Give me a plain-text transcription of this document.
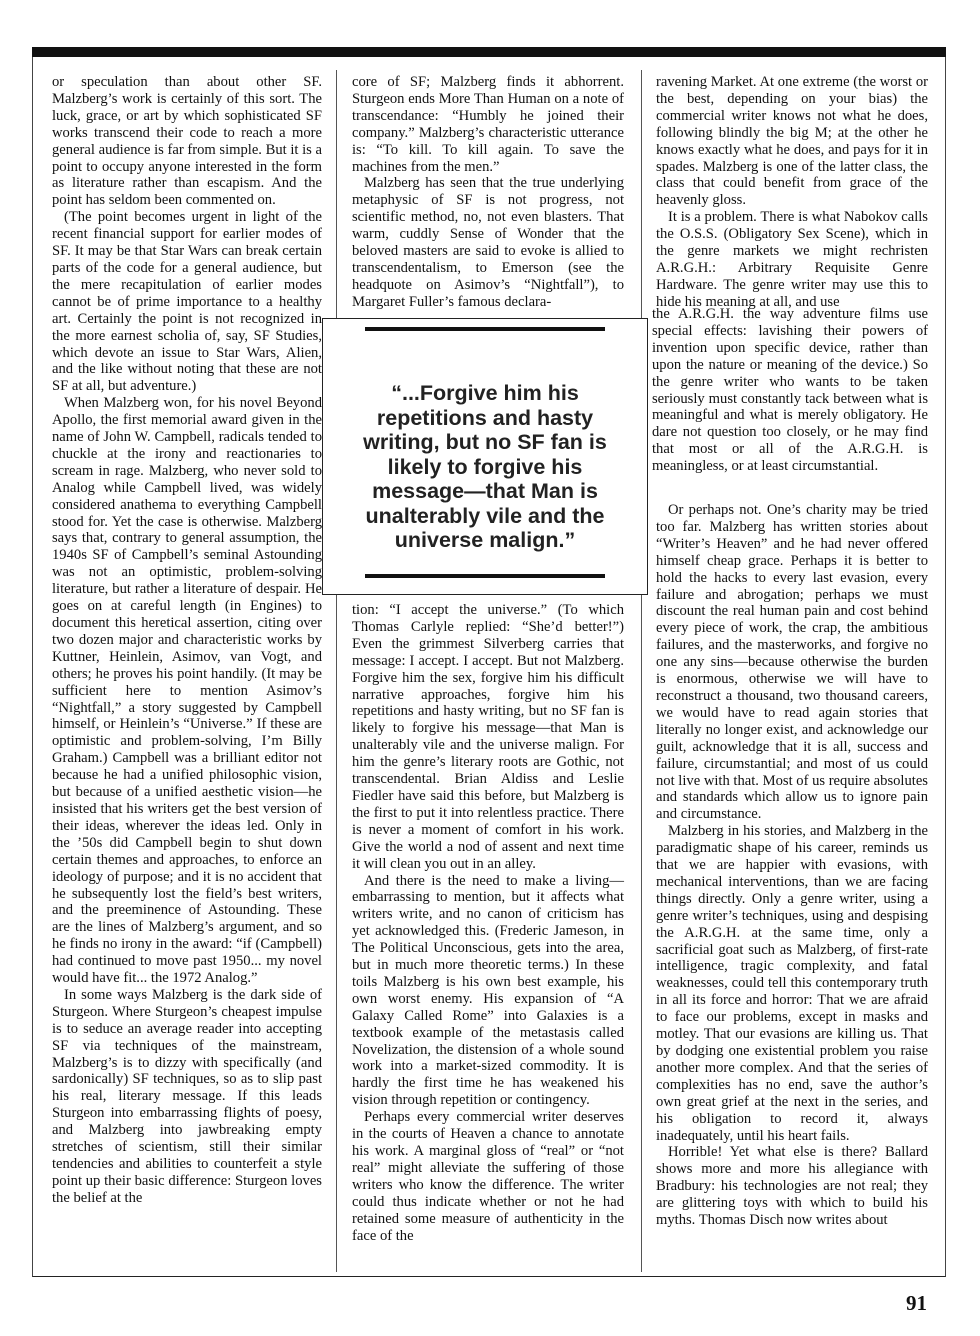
or speculation than about other SF. Malzberg’s work is certainly of this sort. The luck, grace, or art by which sophisticated SF works transcend their code to reach a more general audience is far from simple. But it is a point to occupy anyone interested in the form as literature rather than escapism. And the point has seldom been commented on.

(The point becomes urgent in light of the recent financial support for earlier modes of SF. It may be that Star Wars can break certain parts of the code for a general audience, but the mere recapitulation of earlier modes cannot be of prime importance to a healthy art. Certainly the point is not recognized in the more earnest scholia of, say, SF Studies, which devote an issue to Star Wars, Alien, and the like without noting that these are not SF at all, but adventure.)

When Malzberg won, for his novel Beyond Apollo, the first memorial award given in the name of John W. Campbell, radicals tended to chuckle at the irony and reactionaries to scream in rage. Malzberg, who never sold to Analog while Campbell lived, was widely considered anathema to everything Campbell stood for. Yet the case is otherwise. Malzberg says that, contrary to general assumption, the 1940s SF of Campbell’s seminal Astounding was not an optimistic, problem-solving literature, but rather a literature of despair. He goes on at careful length (in Engines) to document this heretical assertion, citing over two dozen major and characteristic works by Kuttner, Heinlein, Asimov, van Vogt, and others; he proves his point handily. (It may be sufficient here to mention Asimov’s “Nightfall,” a story suggested by Campbell himself, or Heinlein’s “Universe.” If these are optimistic and problem-solving, I’m Billy Graham.) Campbell was a brilliant editor not because he had a unified philosophic vision, but because of a unified aesthetic vision—he insisted that his writers get the best version of their ideas, wherever the ideas led. Only in the ’50s did Campbell begin to shut down certain themes and approaches, to enforce an ideology of purpose; and it is no accident that he subsequently lost the field’s best writers, and the preeminence of Astounding. These are the lines of Malzberg’s argument, and so he finds no irony in the award: “if (Campbell) had continued to move past 1950... my novel would have fit... the 1972 Analog.”

In some ways Malzberg is the dark side of Sturgeon. Where Sturgeon’s cheapest impulse is to seduce an average reader into accepting SF via techniques of the mainstream, Malzberg’s is to dizzy with specifically (and sardonically) SF techniques, so as to slip past his real, literary message. If this leads Sturgeon into embarrassing flights of poesy, and Malzberg into jawbreaking empty stretches of scientism, still their similar tendencies and abilities to counterfeit a style point up their basic difference: Sturgeon loves the belief at the

core of SF; Malzberg finds it abhorrent. Sturgeon ends More Than Human on a note of transcendance: “Humbly he joined their company.” Malzberg’s characteristic utterance is: “To kill. To kill again. To save the machines from the men.”

Malzberg has seen that the true underlying metaphysic of SF is not progress, not scientific method, no, not even blasters. That warm, cuddly Sense of Wonder that the beloved masters are said to evoke is allied to transcendentalism, to Emerson (see the headquote on Asimov’s “Nightfall”), to Margaret Fuller’s famous declara-

tion: “I accept the universe.” (To which Thomas Carlyle replied: “She’d better!”) Even the grimmest Silverberg carries that message: I accept. I accept. But not Malzberg. Forgive him the sex, forgive him his difficult narrative approaches, forgive him his repetitions and hasty writing, but no SF fan is likely to forgive his message—that Man is unalterably vile and the universe malign. For him the genre’s literary roots are Gothic, not transcendental. Brian Aldiss and Leslie Fiedler have said this before, but Malzberg is the first to put it into relentless practice. There is never a moment of comfort in his work. Give the world a nod of assent and next time it will clean you out in an alley.

And there is the need to make a living—embarrassing to mention, but it affects what writers write, and no canon of criticism has yet acknowledged this. (Frederic Jameson, in The Political Unconscious, gets into the area, but in much more theoretic terms.) In these toils Malzberg is his own best example, his own worst enemy. His expansion of “A Galaxy Called Rome” into Galaxies is a textbook example of the metastasis called Novelization, the distension of a whole sound work into a market-sized commodity. It is hardly the first time he has weakened his vision through repetition or contingency.

Perhaps every commercial writer deserves in the courts of Heaven a chance to annotate his work. A marginal gloss of “real” or “not real” might alleviate the suffering of those writers who know the difference. The writer could thus indicate whether or not he had retained some measure of authenticity in the face of the

ravening Market. At one extreme (the worst or the best, depending on your bias) the commercial writer knows not what he does, following blindly the big M; at the other he knows exactly what he does, and pays for it in spades. Malzberg is one of the latter class, the class that could benefit from grace of the heavenly gloss.

It is a problem. There is what Nabokov calls the O.S.S. (Obligatory Sex Scene), which in the genre markets we might rechristen A.R.G.H.: Arbitrary Requisite Genre Hardware. The genre writer may use this to hide his meaning at all, and use

the A.R.G.H. the way adventure films use special effects: lavishing their powers of invention upon specific device, rather than upon the nature or meaning of the device.) So the genre writer who wants to be taken seriously must constantly tack between what is meaningful and what is merely obligatory. He dare not question too closely, or he may find that most or all of the A.R.G.H. is meaningless, or at least circumstantial.

Or perhaps not. One’s charity may be tried too far. Malzberg has written stories about “Writer’s Heaven” and he had never offered himself cheap grace. Perhaps it is better to hold the hacks to every last evasion, every failure and abrogation; perhaps we must discount the real human pain and cost behind every piece of work, the crap, the ambitious failures, and the masterworks, and forgive no one any sins—because otherwise the burden is enormous, otherwise we will have to reconstruct a thousand, two thousand careers, we would have to read again stories that literally no longer exist, and acknowledge our guilt, acknowledge that it is all, success and failure, circumstantial; and most of us could not live with that. Most of us require absolutes and standards which allow us to ignore pain and circumstance.

Malzberg in his stories, and Malzberg in the paradigmatic shape of his career, reminds us that we are happier with evasions, with mechanical interventions, than we are facing things directly. Only a genre writer, using a genre writer’s techniques, using and despising the A.R.G.H. at the same time, only a sacrificial goat such as Malzberg, of first-rate intelligence, tragic complexity, and fatal weaknesses, could tell this contemporary truth in all its force and horror: That we are afraid to face our problems, except in masks and motley. That our evasions are killing us. That by dodging one existential problem you raise another more complex. And that the series of complexities has no end, save the author’s own great grief at the next in the series, and his obligation to record it, always inadequately, until his heart fails.

Horrible! Yet what else is there? Ballard shows more and more his allegiance with Bradbury: his technologies are not real; they are glittering toys with which to build his myths. Thomas Disch now writes about

“...Forgive him his repetitions and hasty writing, but no SF fan is likely to forgive his message—that Man is unalterably vile and the universe malign.”
91
